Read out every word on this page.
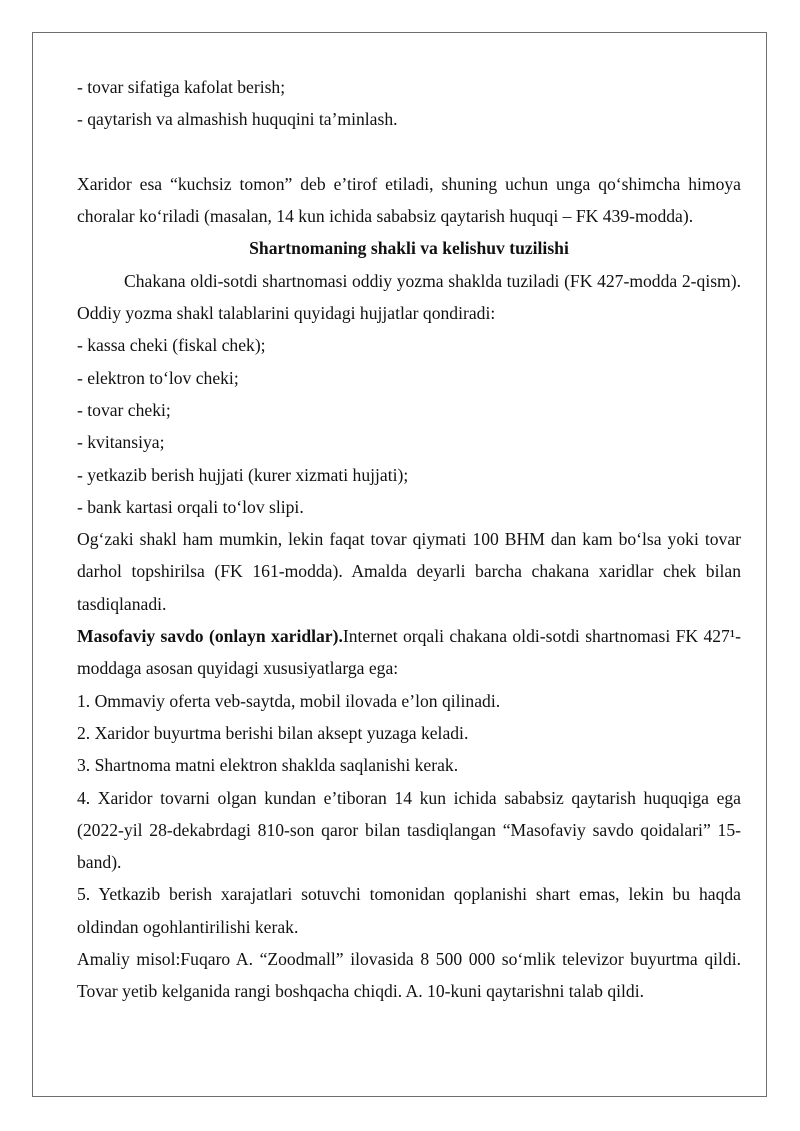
- tovar sifatiga kafolat berish;

- qaytarish va almashish huquqini ta’minlash.

Xaridor esa “kuchsiz tomon” deb e’tirof etiladi, shuning uchun unga qo‘shimcha himoya choralar ko‘riladi (masalan, 14 kun ichida sababsiz qaytarish huquqi – FK 439-modda).

Shartnomaning shakli va kelishuv tuzilishi

Chakana oldi-sotdi shartnomasi oddiy yozma shaklda tuziladi (FK 427-modda 2-qism). Oddiy yozma shakl talablarini quyidagi hujjatlar qondiradi:

- kassa cheki (fiskal chek);

- elektron to‘lov cheki;

- tovar cheki;

- kvitansiya;

- yetkazib berish hujjati (kurer xizmati hujjati);

- bank kartasi orqali to‘lov slipi.

Og‘zaki shakl ham mumkin, lekin faqat tovar qiymati 100 BHM dan kam bo‘lsa yoki tovar darhol topshirilsa (FK 161-modda). Amalda deyarli barcha chakana xaridlar chek bilan tasdiqlanadi.

Masofaviy savdo (onlayn xaridlar).Internet orqali chakana oldi-sotdi shartnomasi FK 427¹-moddaga asosan quyidagi xususiyatlarga ega:

1. Ommaviy oferta veb-saytda, mobil ilovada e’lon qilinadi.

2. Xaridor buyurtma berishi bilan aksept yuzaga keladi.

3. Shartnoma matni elektron shaklda saqlanishi kerak.

4. Xaridor tovarni olgan kundan e’tiboran 14 kun ichida sababsiz qaytarish huquqiga ega (2022-yil 28-dekabrdagi 810-son qaror bilan tasdiqlangan “Masofaviy savdo qoidalari” 15-band).

5. Yetkazib berish xarajatlari sotuvchi tomonidan qoplanishi shart emas, lekin bu haqda oldindan ogohlantirilishi kerak.

Amaliy misol:Fuqaro A. “Zoodmall” ilovasida 8 500 000 so‘mlik televizor buyurtma qildi. Tovar yetib kelganida rangi boshqacha chiqdi. A. 10-kuni qaytarishni talab qildi.
